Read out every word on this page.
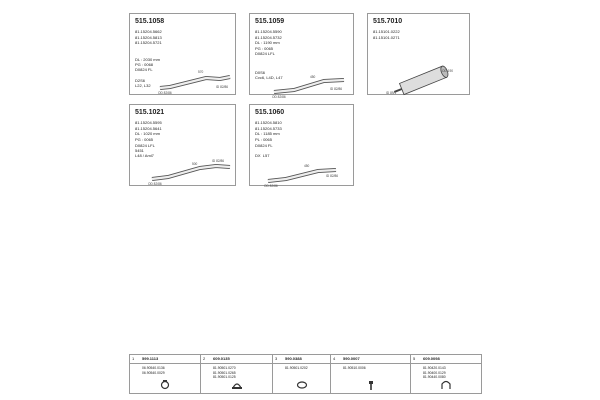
515.1058
81.15204.5662
81.15204.5813
81.15204.5721
DL : 2030 mm
PG : 0068
D0824 FL

D2S6
L22, L32
OD 82/86
ID 82/86
570
515.1059
81.15204.5590
81.15204.5732
DL : 1190 mm
PG : 0065
D0824 LFL
D0S6
Cvc6, L4D, L47
OD 82/86
ID 82/86
450
515.7010
81.15101.0222
81.15101.0271
OD 190
ID 89/1
515.1021
81.15204.5595
81.15204.5641
DL : 1020 mm
PG : 0065
D0824 LFL
5451
L48 / Ami7
OD 82/86
ID 82/86
500
515.1060
81.15204.5810
81.15204.5733
DL : 1185 mm
PL : 0065
D0824 FL

DX  L57
OD 82/86
ID 82/86
450
1 599.1113
06.90540.0136
06.90540.0029
2 609.0135
81.90501.0270
81.90501.0265
81.90501.0125
3 590.0388
81.90501.0202
4 590.0007
81.90510.0006
5 609.0098
81.90420.0143
81.90400.0129
81.90440.0080
